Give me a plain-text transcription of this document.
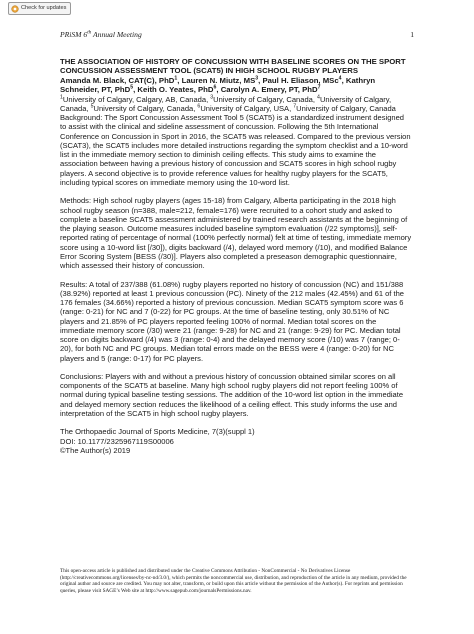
Check for updates
PRiSM 6th Annual Meeting	1

THE ASSOCIATION OF HISTORY OF CONCUSSION WITH BASELINE SCORES ON THE SPORT CONCUSSION ASSESSMENT TOOL (SCAT5) IN HIGH SCHOOL RUGBY PLAYERS

Amanda M. Black, CAT(C), PhD$^1$, Lauren N. Miutz, $MS^3$, Paul H. Eliason, MSc$^4$, Kathryn Schneider, PT, PhD$^5$, Keith O. Yeates, PhD$^6$, Carolyn A. Emery, PT, PhD$^7$

$^1$University of Calgary, Calgary, AB, Canada, $^3$University of Calgary, Canada, $^4$University of Calgary, Canada, $^5$University of Calgary, Canada, $^6$University of Calgary, USA, $^7$University of Calgary, Canada

Background: The Sport Concussion Assessment Tool 5 (SCAT5) is a standardized instrument designed to assist with the clinical and sideline assessment of concussion. Following the 5th International Conference on Concussion in Sport in 2016, the SCAT5 was released. Compared to the previous version (SCAT3), the SCAT5 includes more detailed instructions regarding the symptom checklist and a 10-word list in the immediate memory section to diminish ceiling effects. This study aims to examine the association between having a previous history of concussion and SCAT5 scores in high school rugby players. A second objective is to provide reference values for healthy rugby players for the SCAT5, including typical scores on immediate memory using the 10-word list.

Methods: High school rugby players (ages 15-18) from Calgary, Alberta participating in the 2018 high school rugby season (n=388, male=212, female=176) were recruited to a cohort study and asked to complete a baseline SCAT5 assessment administered by trained research assistants at the beginning of the playing season. Outcome measures included baseline symptom evaluation (/22 symptoms)], self-reported rating of percentage of normal (100% perfectly normal) felt at time of testing, immediate memory score using a 10-word list [/30]), digits backward (/4), delayed word memory (/10), and modified Balance Error Scoring System [BESS (/30)]. Players also completed a preseason demographic questionnaire, which assessed their history of concussion.

Results: A total of 237/388 (61.08%) rugby players reported no history of concussion (NC) and 151/388 (38.92%) reported at least 1 previous concussion (PC). Ninety of the 212 males (42.45%) and 61 of the 176 females (34.66%) reported a history of previous concussion. Median SCAT5 symptom score was 6 (range: 0-21) for NC and 7 (0-22) for PC groups. At the time of baseline testing, only 30.51% of NC players and 21.85% of PC players reported feeling 100% of normal. Median total scores on the immediate memory score (/30) were 21 (range: 9-28) for NC and 21 (range: 9-29) for PC. Median total score on digits backward (/4) was 3 (range: 0-4) and the delayed memory score (/10) was 7 (range; 0-20), for both NC and PC groups. Median total errors made on the BESS were 4 (range: 0-20) for NC players and 5 (range: 0-17) for PC players.

Conclusions: Players with and without a previous history of concussion obtained similar scores on all components of the SCAT5 at baseline. Many high school rugby players did not report feeling 100% of normal during typical baseline testing sessions. The addition of the 10-word list option in the immediate and delayed memory section reduces the likelihood of a ceiling effect. This study informs the use and interpretation of the SCAT5 in high school rugby players.

The Orthopaedic Journal of Sports Medicine, 7(3)(suppl 1)

DOI: 10.1177/2325967119S00006

©The Author(s) 2019

This open-access article is published and distributed under the Creative Commons Attribution - NonCommercial - No Derivatives License (http://creativecommons.org/licenses/by-nc-nd/3.0/), which permits the noncommercial use, distribution, and reproduction of the article in any medium, provided the original author and source are credited. You may not alter, transform, or build upon this article without the permission of the Author(s). For reprints and permission queries, please visit SAGE’s Web site at http://www.sagepub.com/journalsPermissions.nav.
